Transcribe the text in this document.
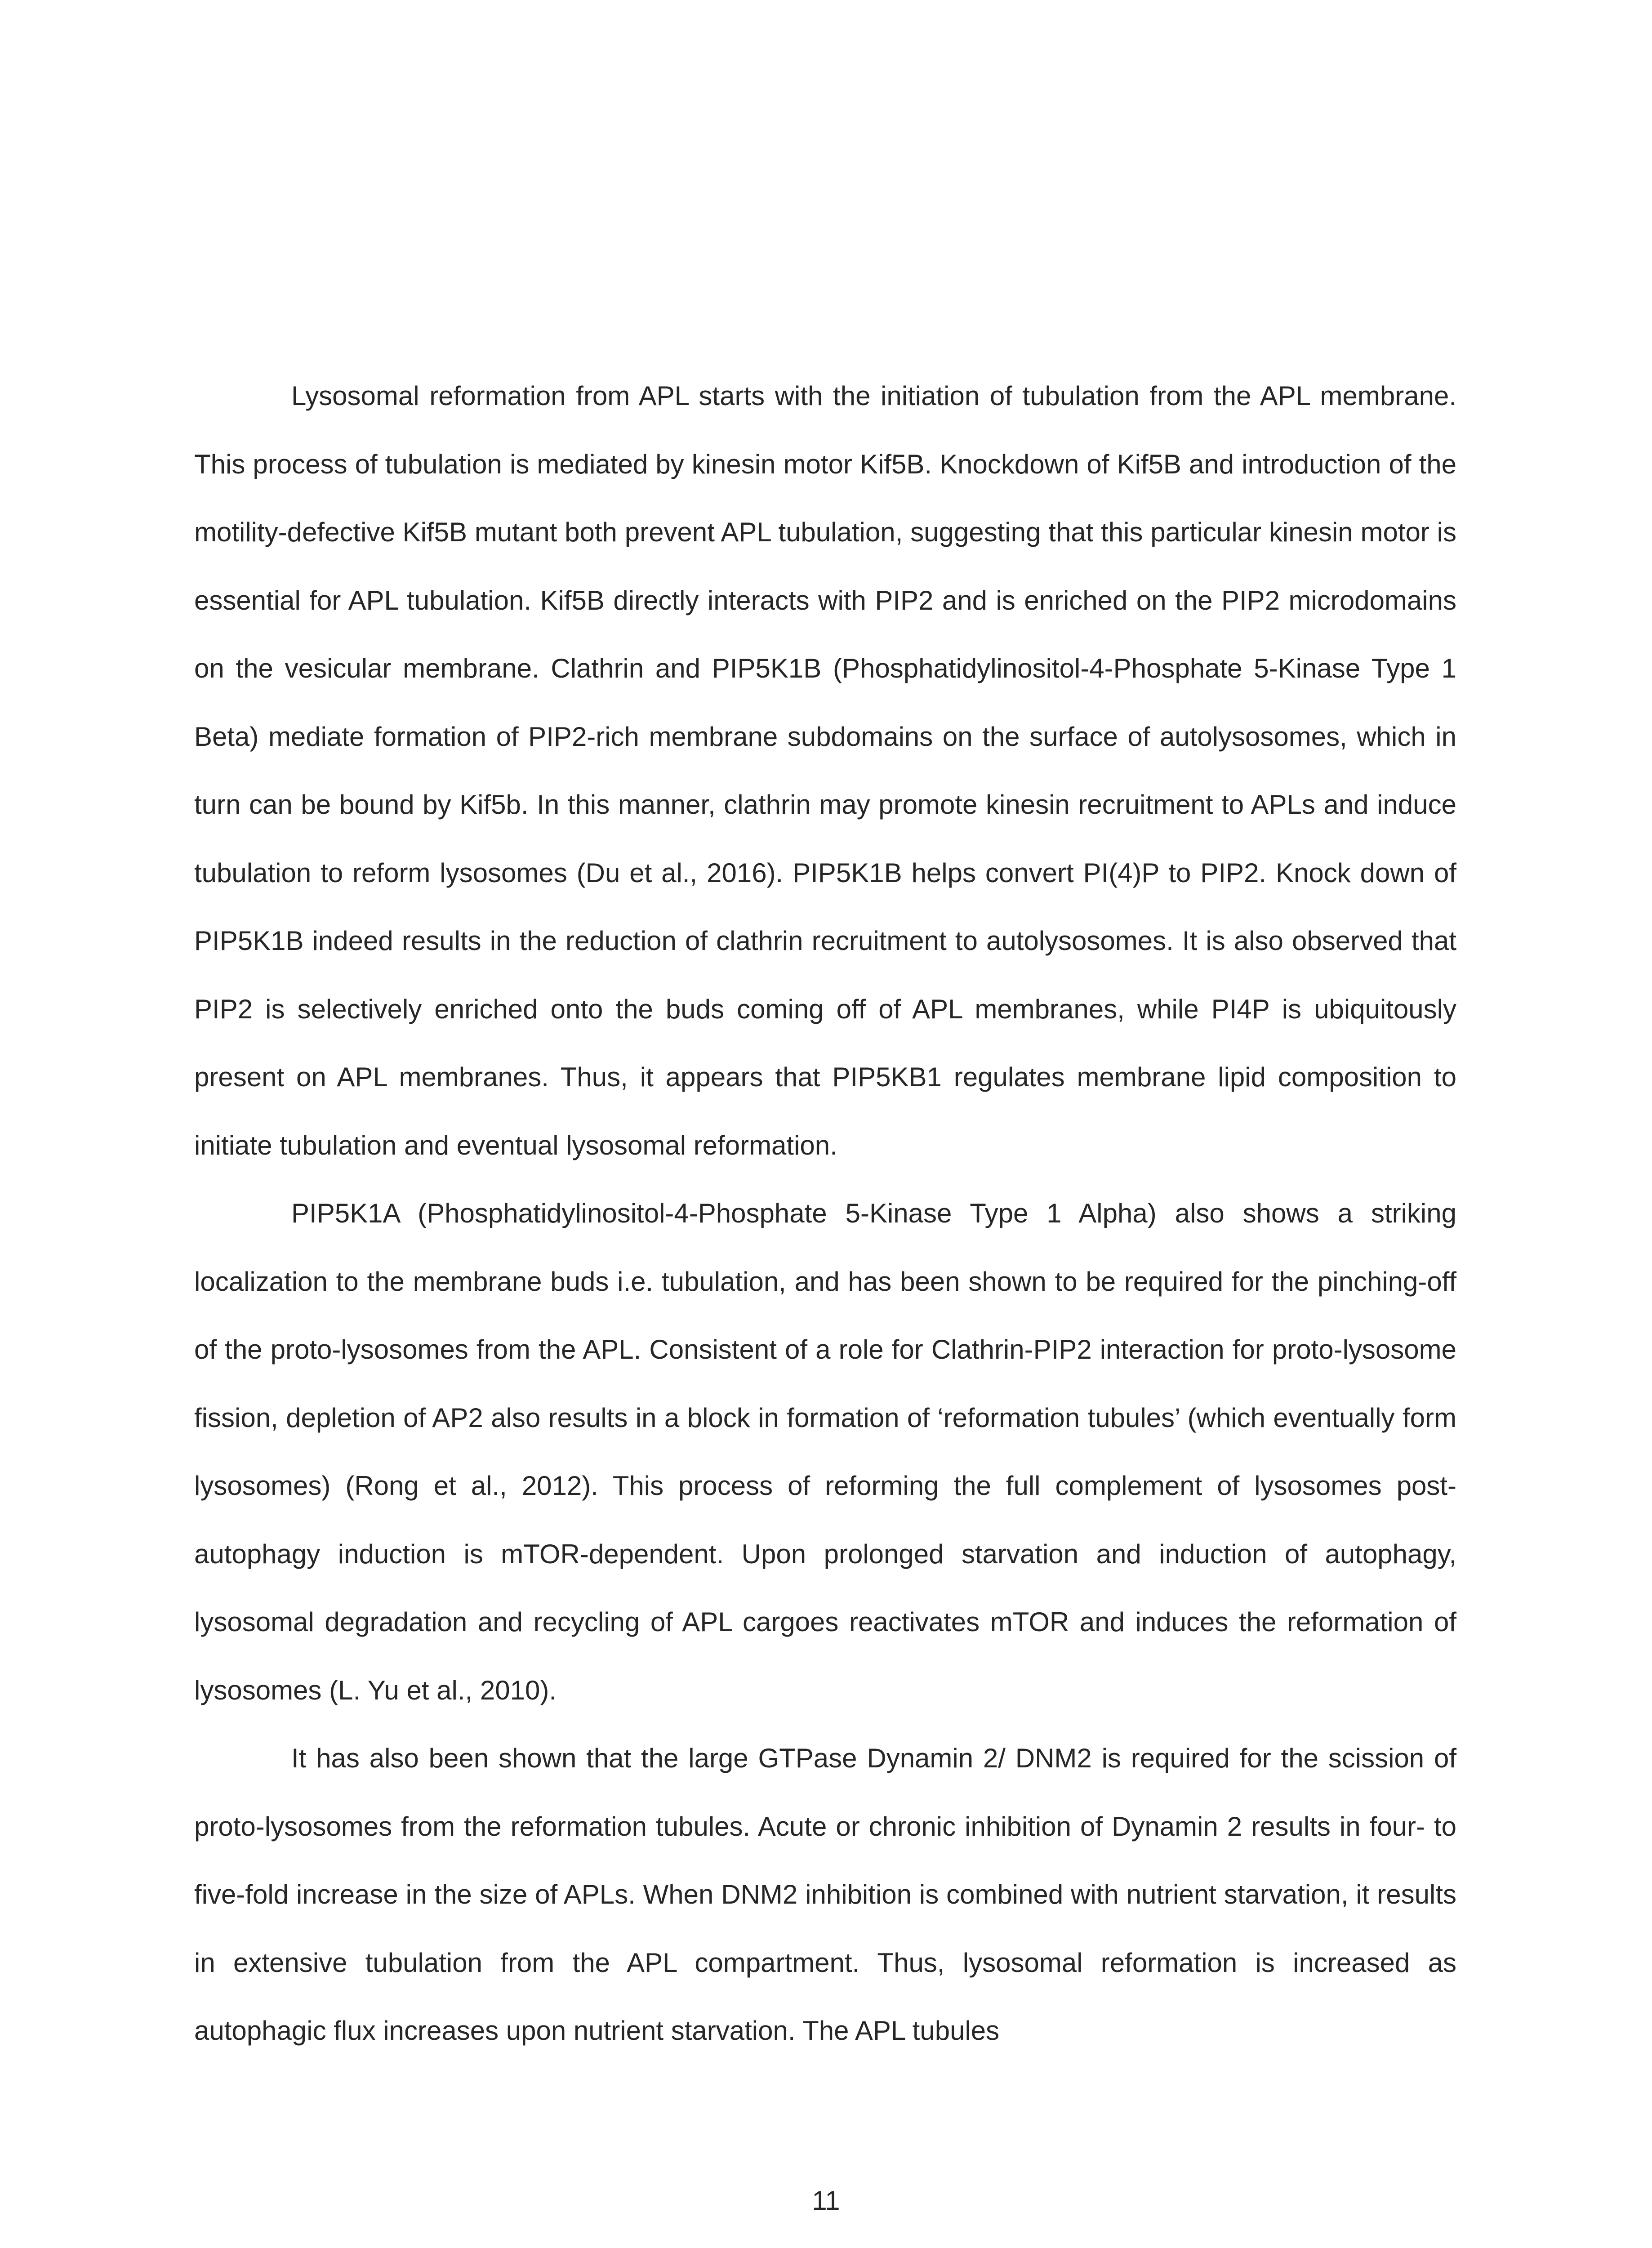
Lysosomal reformation from APL starts with the initiation of tubulation from the APL membrane. This process of tubulation is mediated by kinesin motor Kif5B. Knockdown of Kif5B and introduction of the motility-defective Kif5B mutant both prevent APL tubulation, suggesting that this particular kinesin motor is essential for APL tubulation. Kif5B directly interacts with PIP2 and is enriched on the PIP2 microdomains on the vesicular membrane. Clathrin and PIP5K1B (Phosphatidylinositol-4-Phosphate 5-Kinase Type 1 Beta) mediate formation of PIP2-rich membrane subdomains on the surface of autolysosomes, which in turn can be bound by Kif5b. In this manner, clathrin may promote kinesin recruitment to APLs and induce tubulation to reform lysosomes (Du et al., 2016). PIP5K1B helps convert PI(4)P to PIP2. Knock down of PIP5K1B indeed results in the reduction of clathrin recruitment to autolysosomes. It is also observed that PIP2 is selectively enriched onto the buds coming off of APL membranes, while PI4P is ubiquitously present on APL membranes. Thus, it appears that PIP5KB1 regulates membrane lipid composition to initiate tubulation and eventual lysosomal reformation.

PIP5K1A (Phosphatidylinositol-4-Phosphate 5-Kinase Type 1 Alpha) also shows a striking localization to the membrane buds i.e. tubulation, and has been shown to be required for the pinching-off of the proto-lysosomes from the APL. Consistent of a role for Clathrin-PIP2 interaction for proto-lysosome fission, depletion of AP2 also results in a block in formation of ‘reformation tubules’ (which eventually form lysosomes) (Rong et al., 2012). This process of reforming the full complement of lysosomes post-autophagy induction is mTOR-dependent. Upon prolonged starvation and induction of autophagy, lysosomal degradation and recycling of APL cargoes reactivates mTOR and induces the reformation of lysosomes (L. Yu et al., 2010).

It has also been shown that the large GTPase Dynamin 2/ DNM2 is required for the scission of proto-lysosomes from the reformation tubules. Acute or chronic inhibition of Dynamin 2 results in four- to five-fold increase in the size of APLs. When DNM2 inhibition is combined with nutrient starvation, it results in extensive tubulation from the APL compartment. Thus, lysosomal reformation is increased as autophagic flux increases upon nutrient starvation. The APL tubules

11
